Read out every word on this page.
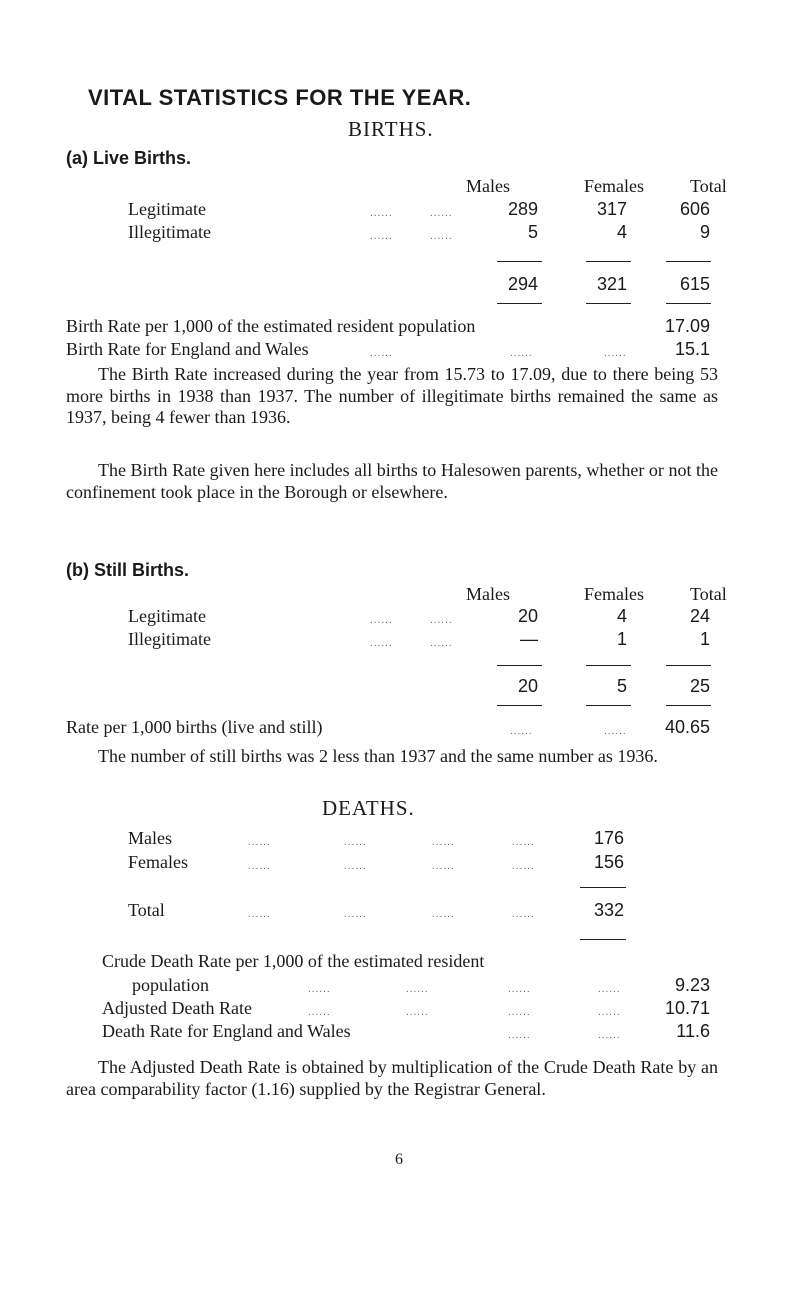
VITAL STATISTICS FOR THE YEAR.
BIRTHS.
(a) Live Births.
Males	Females	Total
Legitimate	......	......	289	317	606
Illegitimate	......	......	5	4	9
294	321	615
Birth Rate per 1,000 of the estimated resident population	17.09
Birth Rate for England and Wales	......	......	......	15.1
The Birth Rate increased during the year from 15.73 to 17.09, due to there being 53 more births in 1938 than 1937. The number of illegitimate births remained the same as 1937, being 4 fewer than 1936.
The Birth Rate given here includes all births to Halesowen parents, whether or not the confinement took place in the Borough or elsewhere.
(b) Still Births.
Males	Females	Total
Legitimate	......	......	20	4	24
Illegitimate	......	......	—	1	1
20	5	25
Rate per 1,000 births (live and still)	......	......	40.65
The number of still births was 2 less than 1937 and the same number as 1936.
DEATHS.
Males	......	......	......	......	176
Females	......	......	......	......	156
Total	......	......	......	......	332
Crude Death Rate per 1,000 of the estimated resident
population	......	......	......	......	9.23
Adjusted Death Rate	......	......	......	......	10.71
Death Rate for England and Wales	......	......	11.6
The Adjusted Death Rate is obtained by multiplication of the Crude Death Rate by an area comparability factor (1.16) supplied by the Registrar General.
6
